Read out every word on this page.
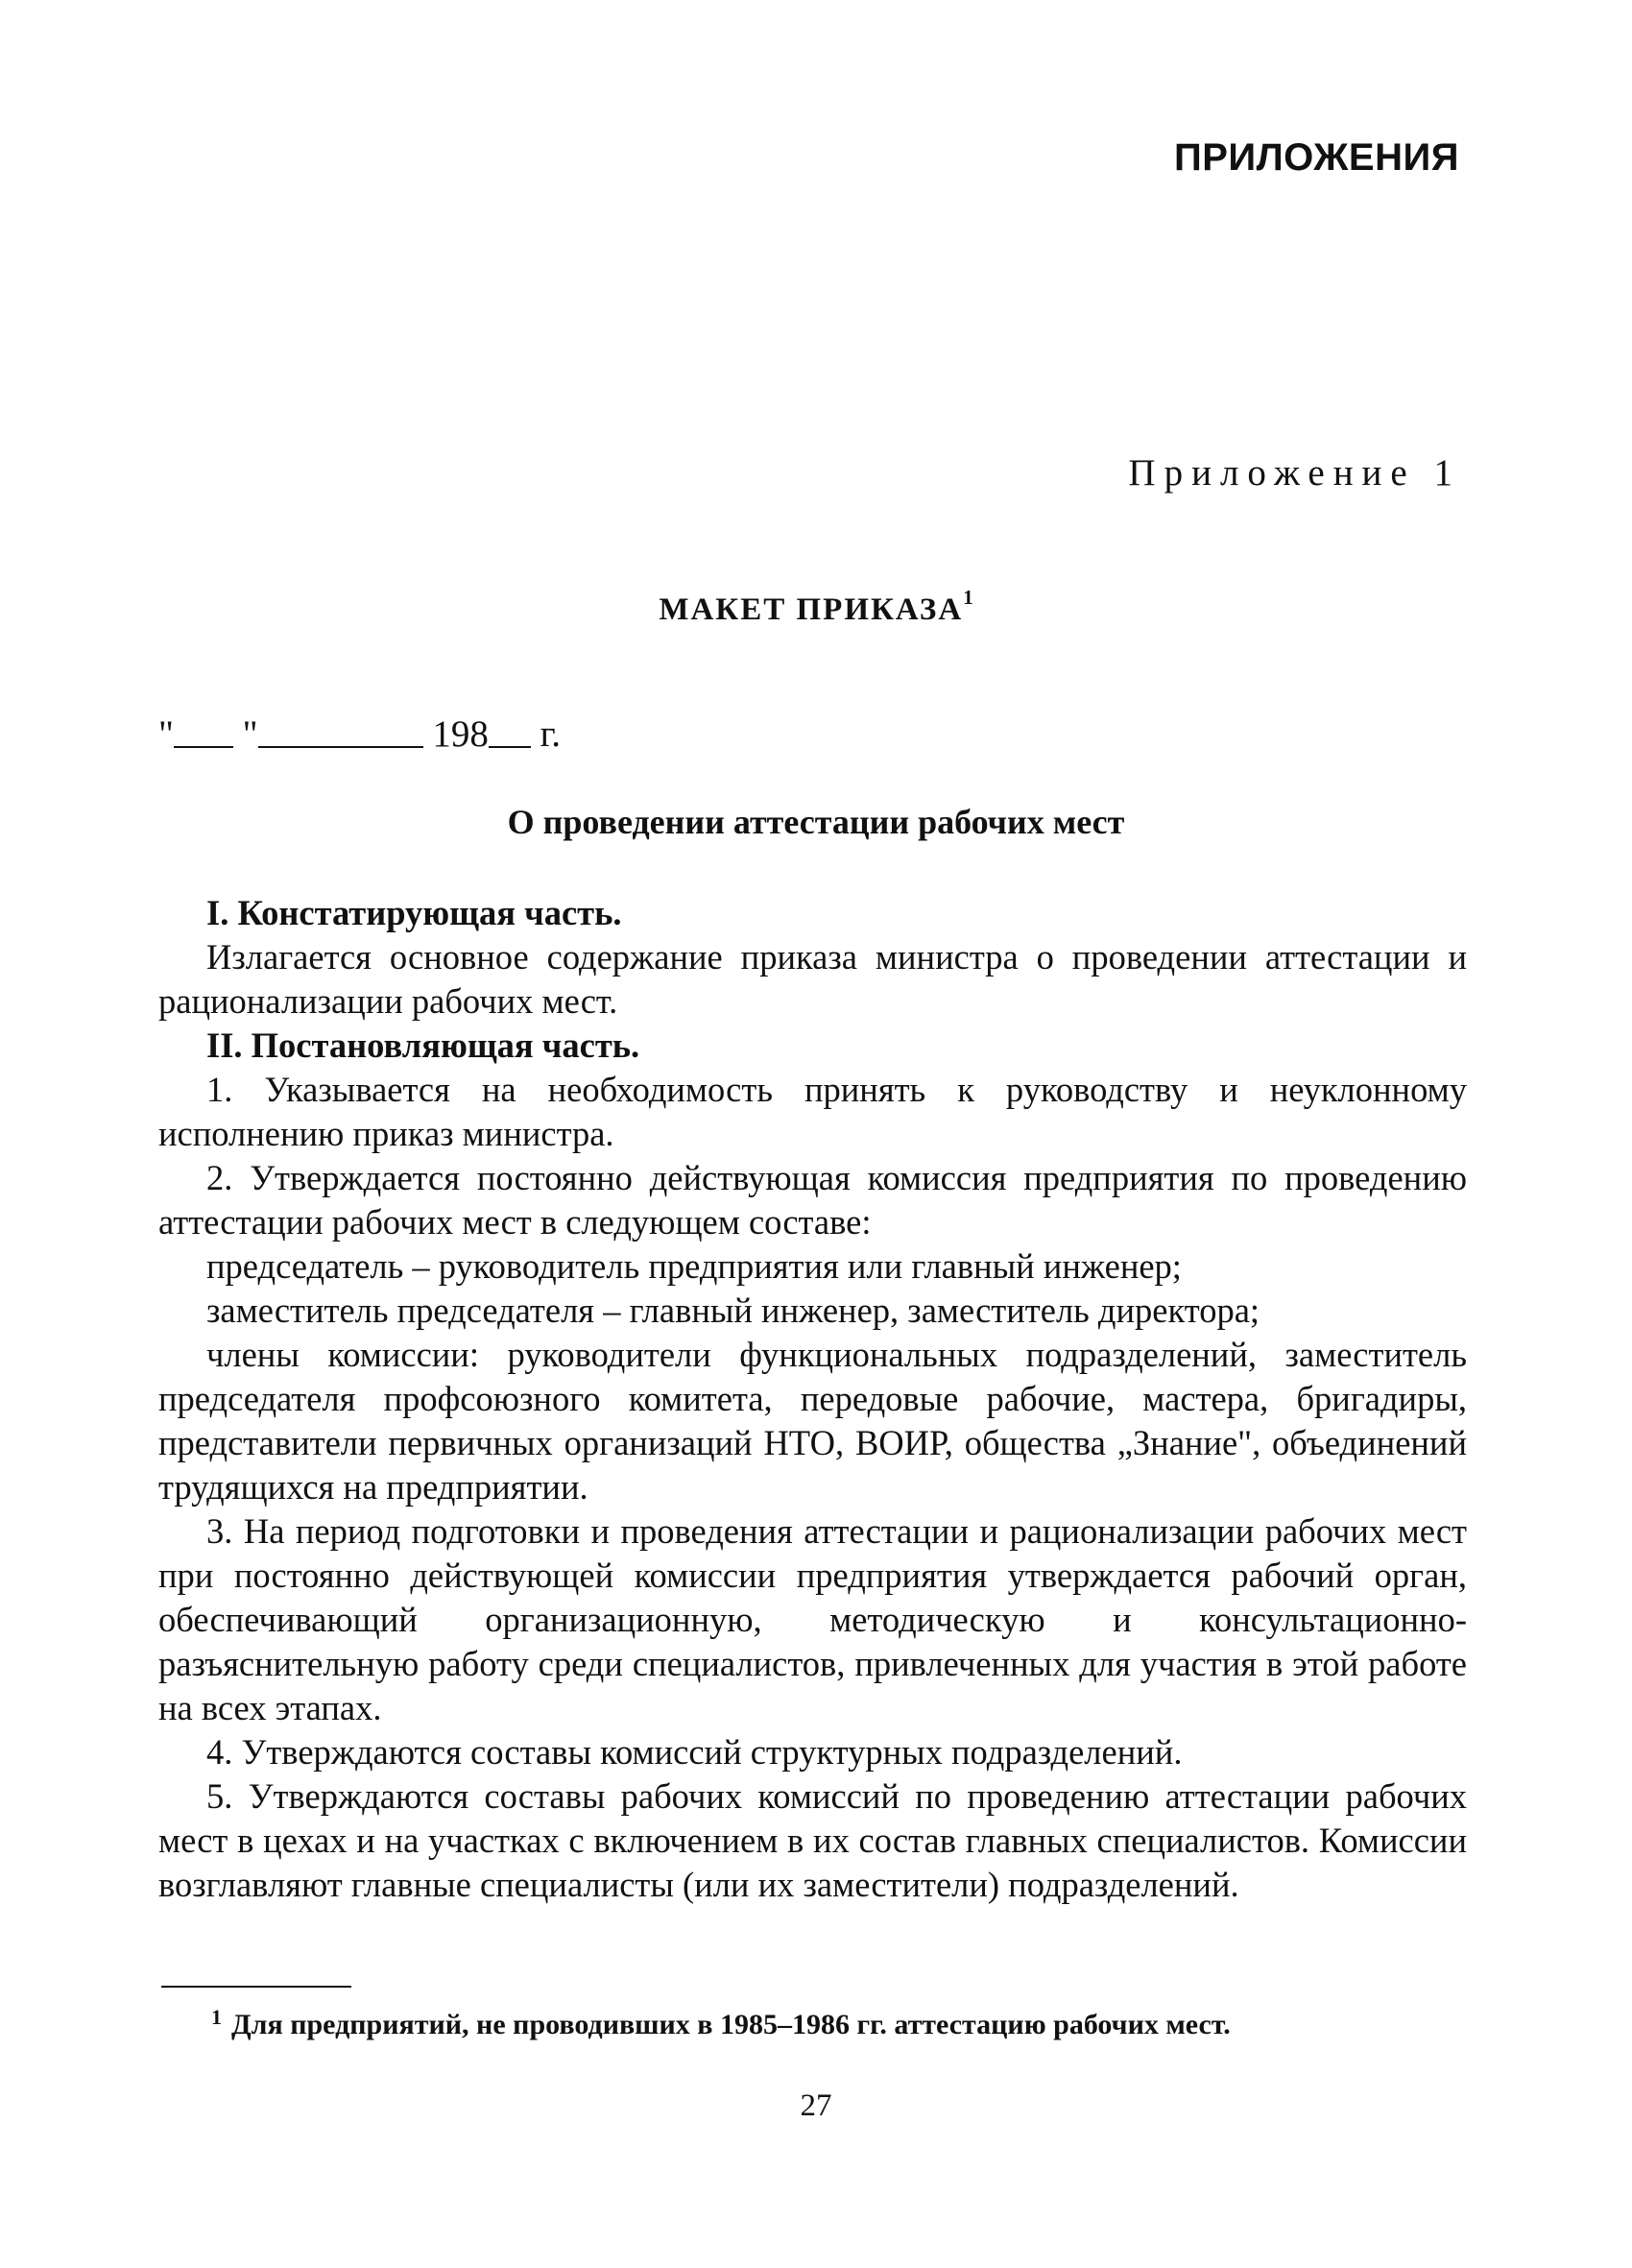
ПРИЛОЖЕНИЯ
Приложение 1
МАКЕТ ПРИКАЗА$^1$
" "	198 г.
О проведении аттестации рабочих мест

I. Констатирующая часть.

Излагается основное содержание приказа министра о проведении аттестации и рационализации рабочих мест.

II. Постановляющая часть.

1. Указывается на необходимость принять к руководству и неуклонному исполнению приказ министра.

2. Утверждается постоянно действующая комиссия предприятия по проведению аттестации рабочих мест в следующем составе:

председатель – руководитель предприятия или главный инженер;

заместитель председателя – главный инженер, заместитель директора;

члены комиссии: руководители функциональных подразделений, заместитель председателя профсоюзного комитета, передовые рабочие, мастера, бригадиры, представители первичных организаций НТО, ВОИР, общества „Знание", объединений трудящихся на предприятии.

3. На период подготовки и проведения аттестации и рационализации рабочих мест при постоянно действующей комиссии предприятия утверждается рабочий орган, обеспечивающий организационную, методическую и консультационно-разъяснительную работу среди специалистов, привлеченных для участия в этой работе на всех этапах.

4. Утверждаются составы комиссий структурных подразделений.

5. Утверждаются составы рабочих комиссий по проведению аттестации рабочих мест в цехах и на участках с включением в их состав главных специалистов. Комиссии возглавляют главные специалисты (или их заместители) подразделений.

$^1$ Для предприятий, не проводивших в 1985–1986 гг. аттестацию рабочих мест.
27
